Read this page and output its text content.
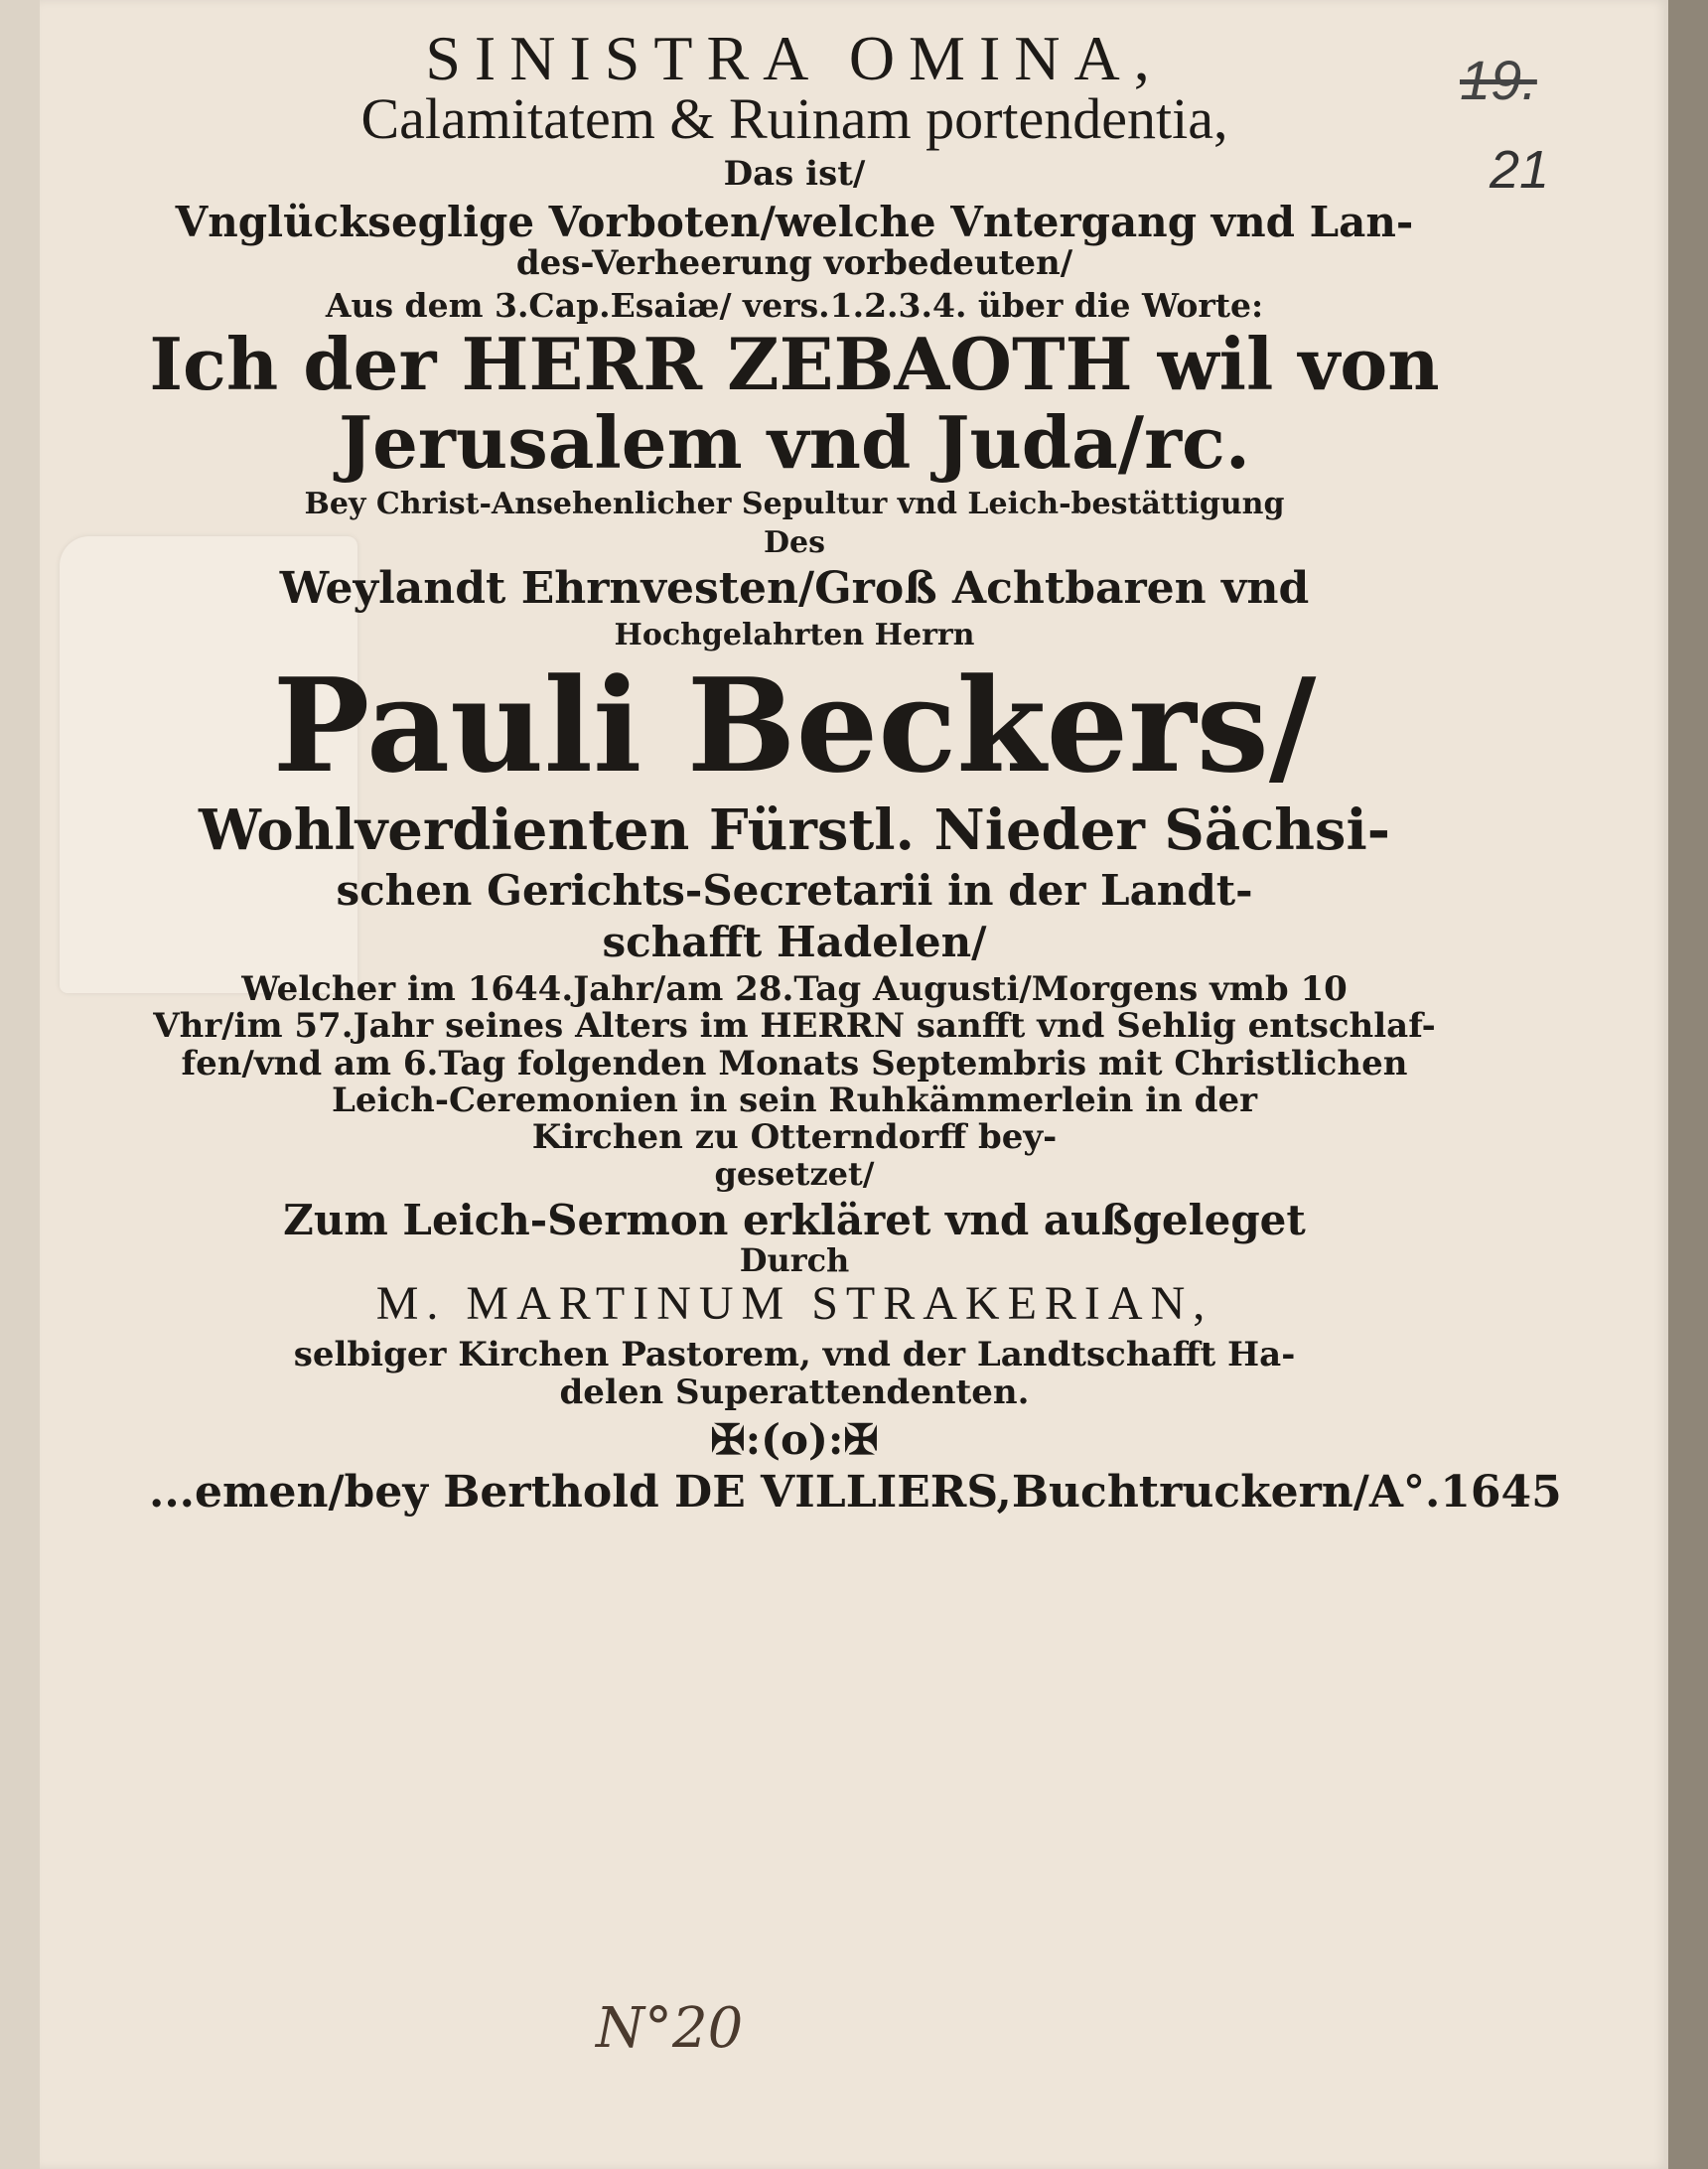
19.
21
SINISTRA OMINA,
Calamitatem & Ruinam portendentia,
Das ist/
Vnglückseglige Vorboten/welche Vntergang vnd Lan-
des-Verheerung vorbedeuten/
Aus dem 3.Cap.Esaiæ/ vers.1.2.3.4. über die Worte:
Ich der HERR ZEBAOTH wil von
Jerusalem vnd Juda/rc.
Bey Christ-Ansehenlicher Sepultur vnd Leich-bestättigung
Des
Weylandt Ehrnvesten/Groß Achtbaren vnd
Hochgelahrten Herrn
Pauli Beckers/
Wohlverdienten Fürstl. Nieder Sächsi-
schen Gerichts-Secretarii in der Landt-
schafft Hadelen/
Welcher im 1644.Jahr/am 28.Tag Augusti/Morgens vmb 10
Vhr/im 57.Jahr seines Alters im HERRN sanfft vnd Sehlig entschlaf-
fen/vnd am 6.Tag folgenden Monats Septembris mit Christlichen
Leich-Ceremonien in sein Ruhkämmerlein in der
Kirchen zu Otterndorff bey-
gesetzet/
Zum Leich-Sermon erkläret vnd außgeleget
Durch
M. MARTINUM STRAKERIAN,
selbiger Kirchen Pastorem, vnd der Landtschafft Ha-
delen Superattendenten.
✠:(o):✠
...emen/bey Berthold DE VILLIERS,Buchtruckern/A°.1645
N°20
